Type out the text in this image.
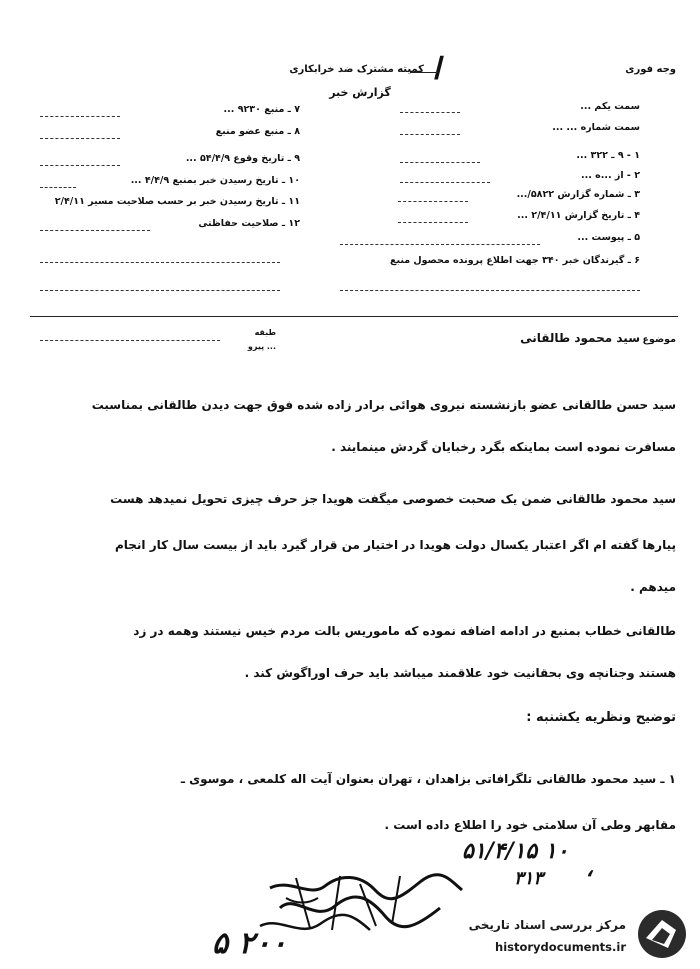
وجه فوری
کمیته مشترک ضد خرابکاری
گزارش خبر
ا
سمت یکم ...
سمت شماره ... ...
۱ - ۹ ـ ۳۲۲ ...
۲ - از ...ه ...
۳ ـ شماره گزارش ۵۸۲۲/...
۴ ـ تاریخ گزارش ۲/۴/۱۱ ...
۵ ـ پیوست ...
۶ ـ گیرندگان خبر ۳۴۰ جهت اطلاع پرونده محصول منبع
۷ ـ منبع ۹۲۳۰ ...
۸ ـ منبع عضو منبع
۹ ـ تاریخ وقوع ۵۴/۴/۹ ...
۱۰ ـ تاریخ رسیدن خبر بمنبع ۴/۴/۹ ...
۱۱ ـ تاریخ رسیدن خبر بر حسب صلاحیت مسیر ۲/۴/۱۱
۱۲ ـ صلاحیت حفاظتی
موضوع
سید محمود طالقانی
طبقه ... پیرو
سید حسن طالقانی عضو بازنشسته نیروی هوائی برادر زاده شده فوق جهت دیدن طالقانی بمناسبت
مسافرت نموده است بماینکه بگرد رخبایان گردش مینمایند .
سید محمود طالقانی ضمن یک صحبت خصوصی میگفت هویدا جز حرف چیزی تحویل نمیدهد هست
پیارها گفته ام اگر اعتبار یکسال دولت هویدا در اختیار من قرار گیرد باید از بیست سال کار انجام
میدهم .
طالقانی خطاب بمنبع در ادامه اضافه نموده که ماموریس بالت مردم خیس نیستند وهمه در زد
هستند وجنانچه وی بحقانیت خود علاقمند میباشد باید حرف اوراگوش کند .
توضیح ونظریه یکشنبه :
۱ ـ سید محمود طالقانی تلگرافاتی بزاهدان ، تهران بعنوان آیت اله کلمعی ، موسوی ـ
مقابهر وطی آن سلامتی خود را اطلاع داده است .
۵۱/۴/۱۵ ۱۰
۳۱۳ ،
۵ ۲۰۰
مرکز بررسی اسناد تاریخی
historydocuments.ir
